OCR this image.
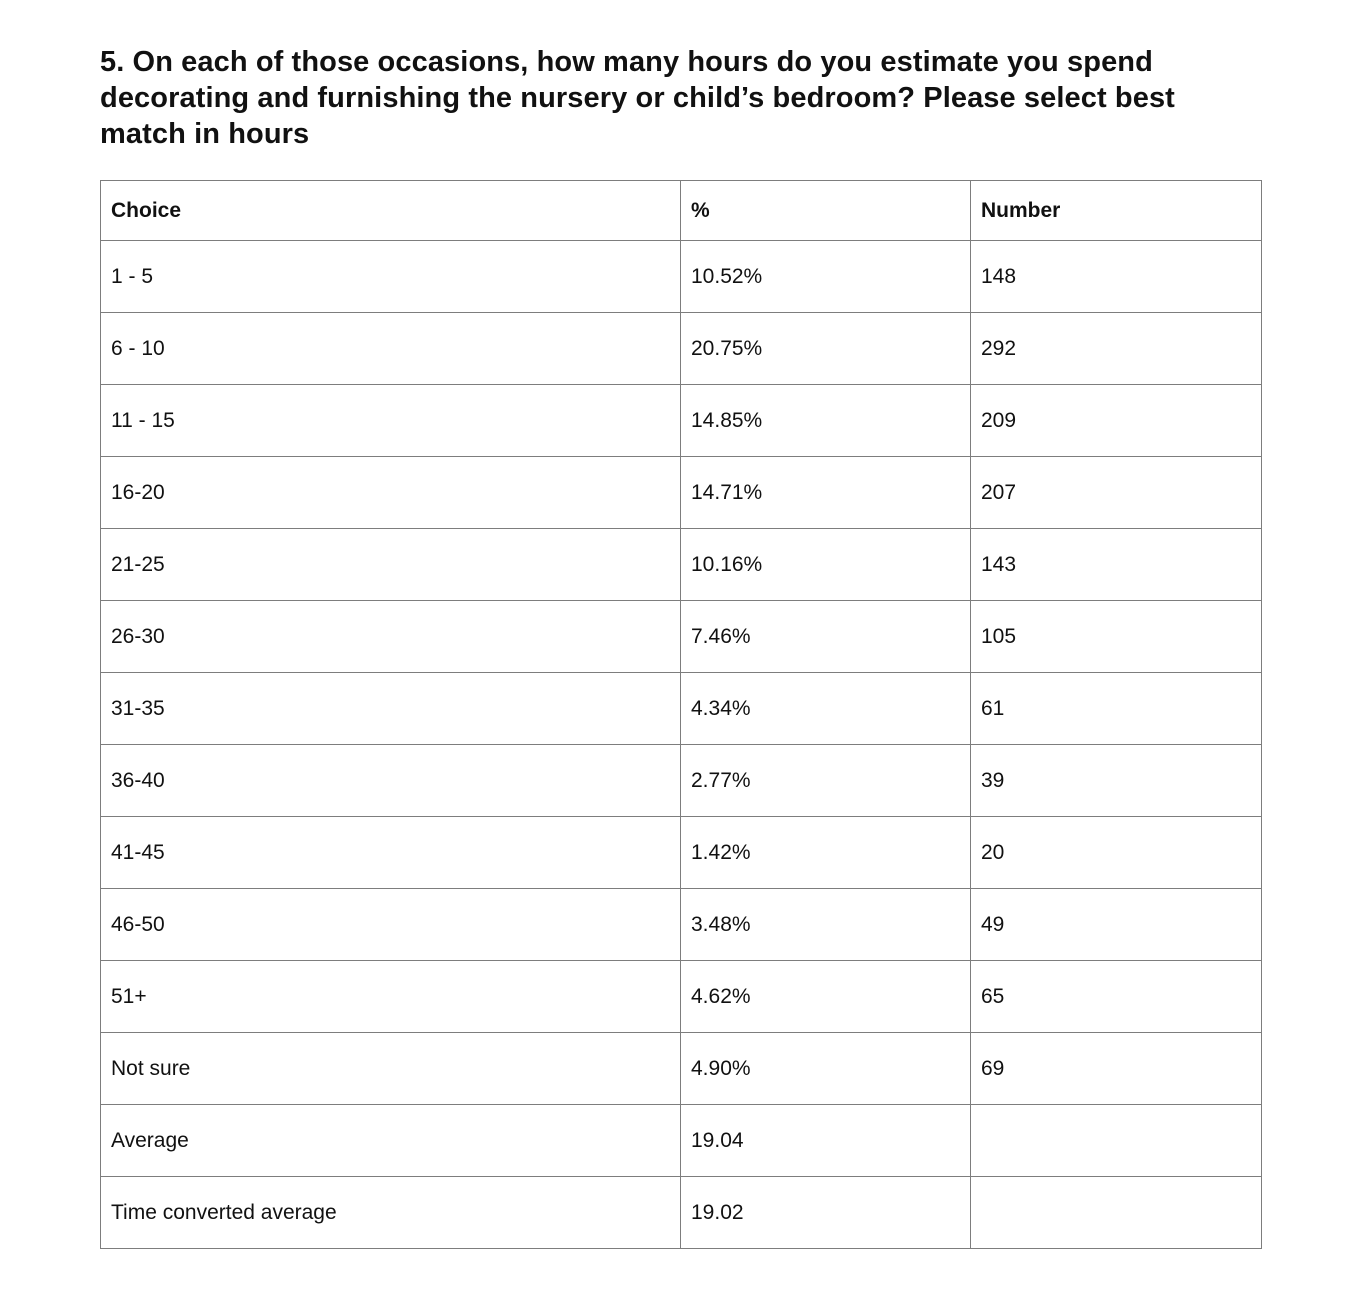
5. On each of those occasions, how many hours do you estimate you spend decorating and furnishing the nursery or child’s bedroom? Please select best match in hours
Choice	%	Number
1 - 5	10.52%	148
6 - 10	20.75%	292
11 - 15	14.85%	209
16-20	14.71%	207
21-25	10.16%	143
26-30	7.46%	105
31-35	4.34%	61
36-40	2.77%	39
41-45	1.42%	20
46-50	3.48%	49
51+	4.62%	65
Not sure	4.90%	69
Average	19.04	
Time converted average	19.02	
